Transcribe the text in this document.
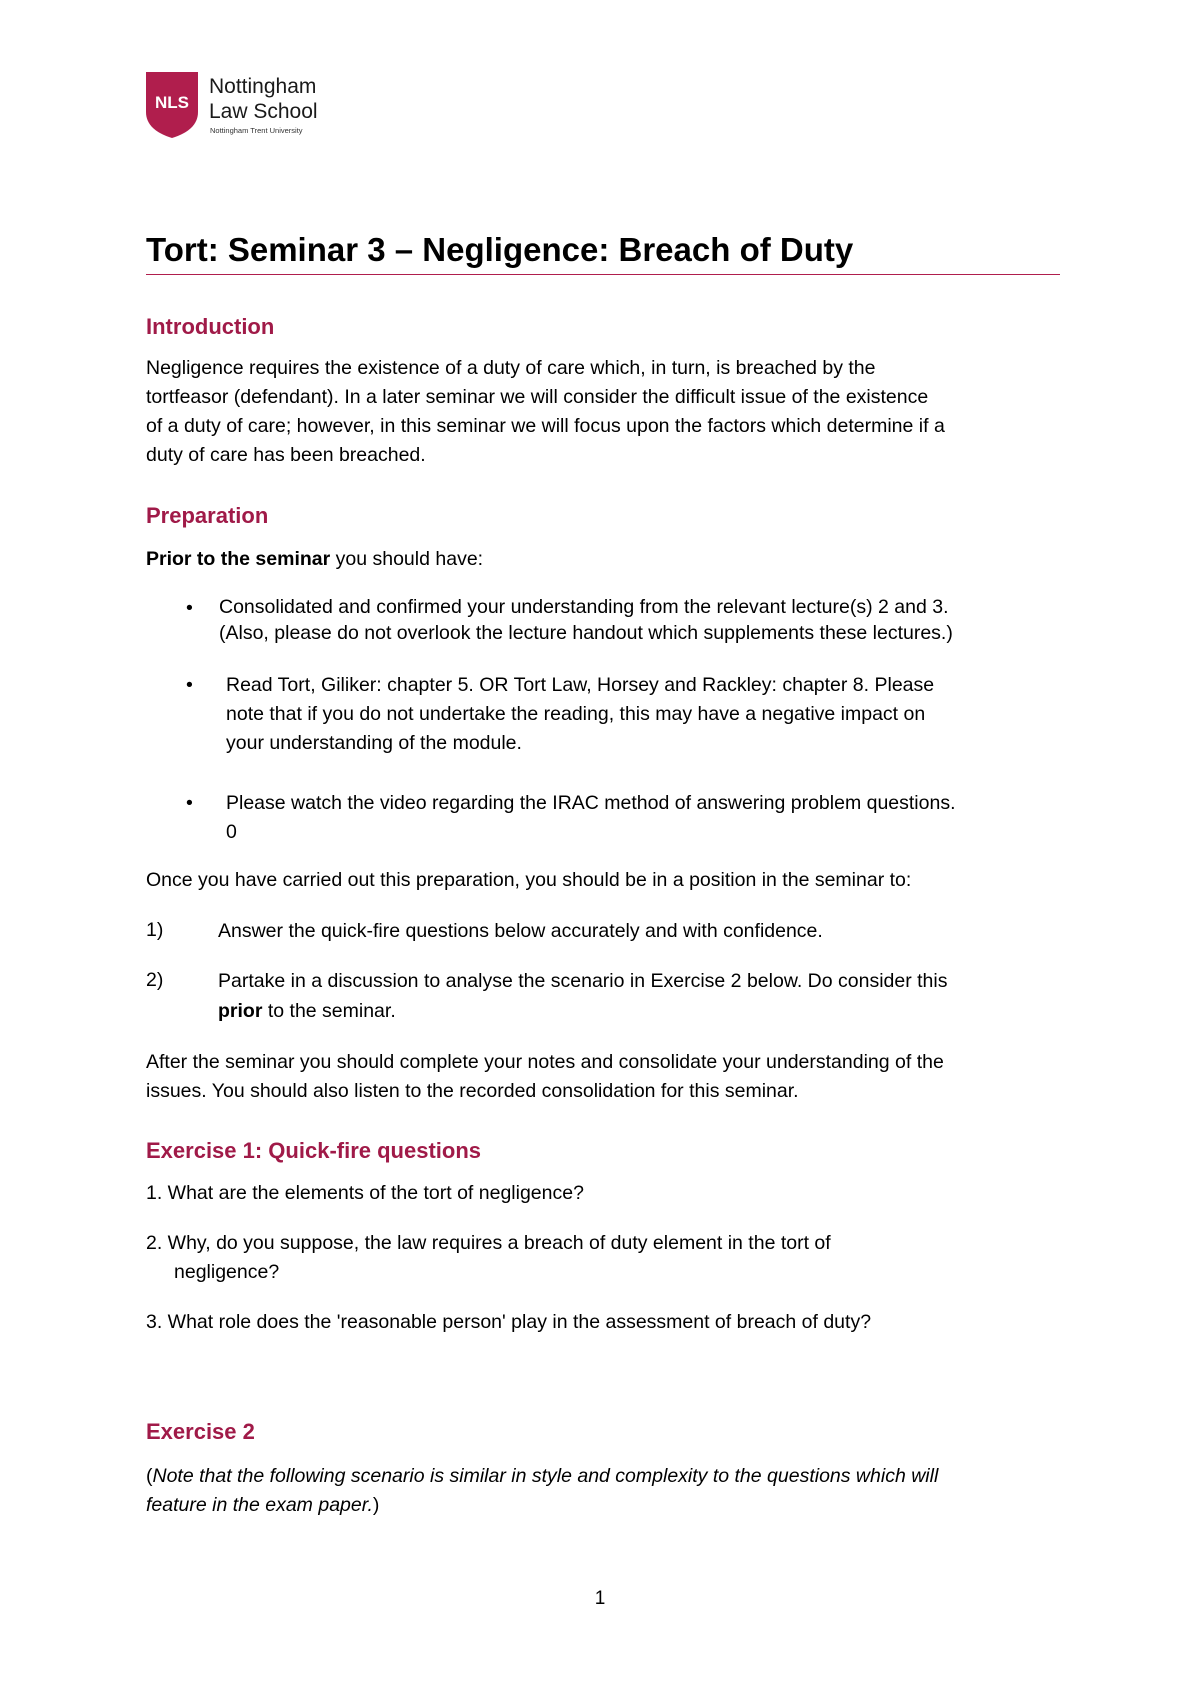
NLS
Nottingham
Law School
Nottingham Trent University
Tort: Seminar 3 – Negligence: Breach of Duty
Introduction
Negligence requires the existence of a duty of care which, in turn, is breached by the
tortfeasor (defendant). In a later seminar we will consider the difficult issue of the existence
of a duty of care; however, in this seminar we will focus upon the factors which determine if a
duty of care has been breached.
Preparation
Prior to the seminar you should have:
• Consolidated and confirmed your understanding from the relevant lecture(s) 2 and 3.
(Also, please do not overlook the lecture handout which supplements these lectures.)
• Read Tort, Giliker: chapter 5. OR Tort Law, Horsey and Rackley: chapter 8. Please
note that if you do not undertake the reading, this may have a negative impact on
your understanding of the module.
• Please watch the video regarding the IRAC method of answering problem questions.
0
Once you have carried out this preparation, you should be in a position in the seminar to:
1)	Answer the quick-fire questions below accurately and with confidence.
2)	Partake in a discussion to analyse the scenario in Exercise 2 below. Do consider this
prior to the seminar.
After the seminar you should complete your notes and consolidate your understanding of the
issues. You should also listen to the recorded consolidation for this seminar.
Exercise 1: Quick-fire questions
1. What are the elements of the tort of negligence?
2. Why, do you suppose, the law requires a breach of duty element in the tort of
negligence?
3. What role does the 'reasonable person' play in the assessment of breach of duty?
Exercise 2
(Note that the following scenario is similar in style and complexity to the questions which will
feature in the exam paper.)
1
